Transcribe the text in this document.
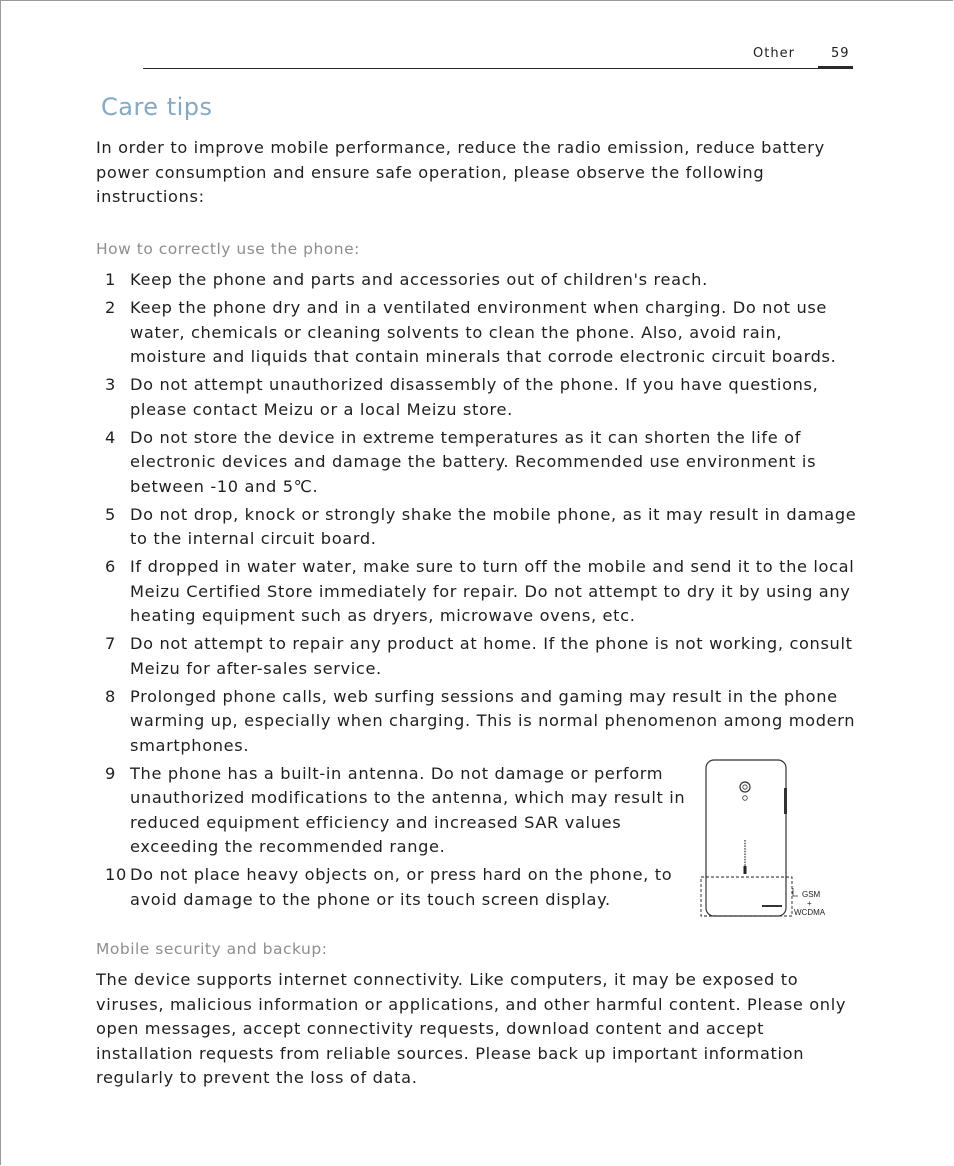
Other	59
Care tips

In order to improve mobile performance, reduce the radio emission, reduce battery power consumption and ensure safe operation, please observe the following instructions:

How to correctly use the phone:
1 Keep the phone and parts and accessories out of children's reach.
2 Keep the phone dry and in a ventilated environment when charging. Do not use water, chemicals or cleaning solvents to clean the phone. Also, avoid rain, moisture and liquids that contain minerals that corrode electronic circuit boards.
3 Do not attempt unauthorized disassembly of the phone. If you have questions, please contact Meizu or a local Meizu store.
4 Do not store the device in extreme temperatures as it can shorten the life of electronic devices and damage the battery. Recommended use environment is between -10 and 5℃.
5 Do not drop, knock or strongly shake the mobile phone, as it may result in damage to the internal circuit board.
6 If dropped in water water, make sure to turn off the mobile and send it to the local Meizu Certified Store immediately for repair. Do not attempt to dry it by using any heating equipment such as dryers, microwave ovens, etc.
7 Do not attempt to repair any product at home. If the phone is not working, consult Meizu for after-sales service.
8 Prolonged phone calls, web surfing sessions and gaming may result in the phone warming up, especially when charging. This is normal phenomenon among modern smartphones.
9 The phone has a built-in antenna. Do not damage or perform unauthorized modifications to the antenna, which may result in reduced equipment efficiency and increased SAR values exceeding the recommended range.
10 Do not place heavy objects on, or press hard on the phone, to avoid damage to the phone or its touch screen display.	GSM
+
WCDMA
Mobile security and backup:

The device supports internet connectivity. Like computers, it may be exposed to viruses, malicious information or applications, and other harmful content. Please only open messages, accept connectivity requests, download content and accept installation requests from reliable sources. Please back up important information regularly to prevent the loss of data.
